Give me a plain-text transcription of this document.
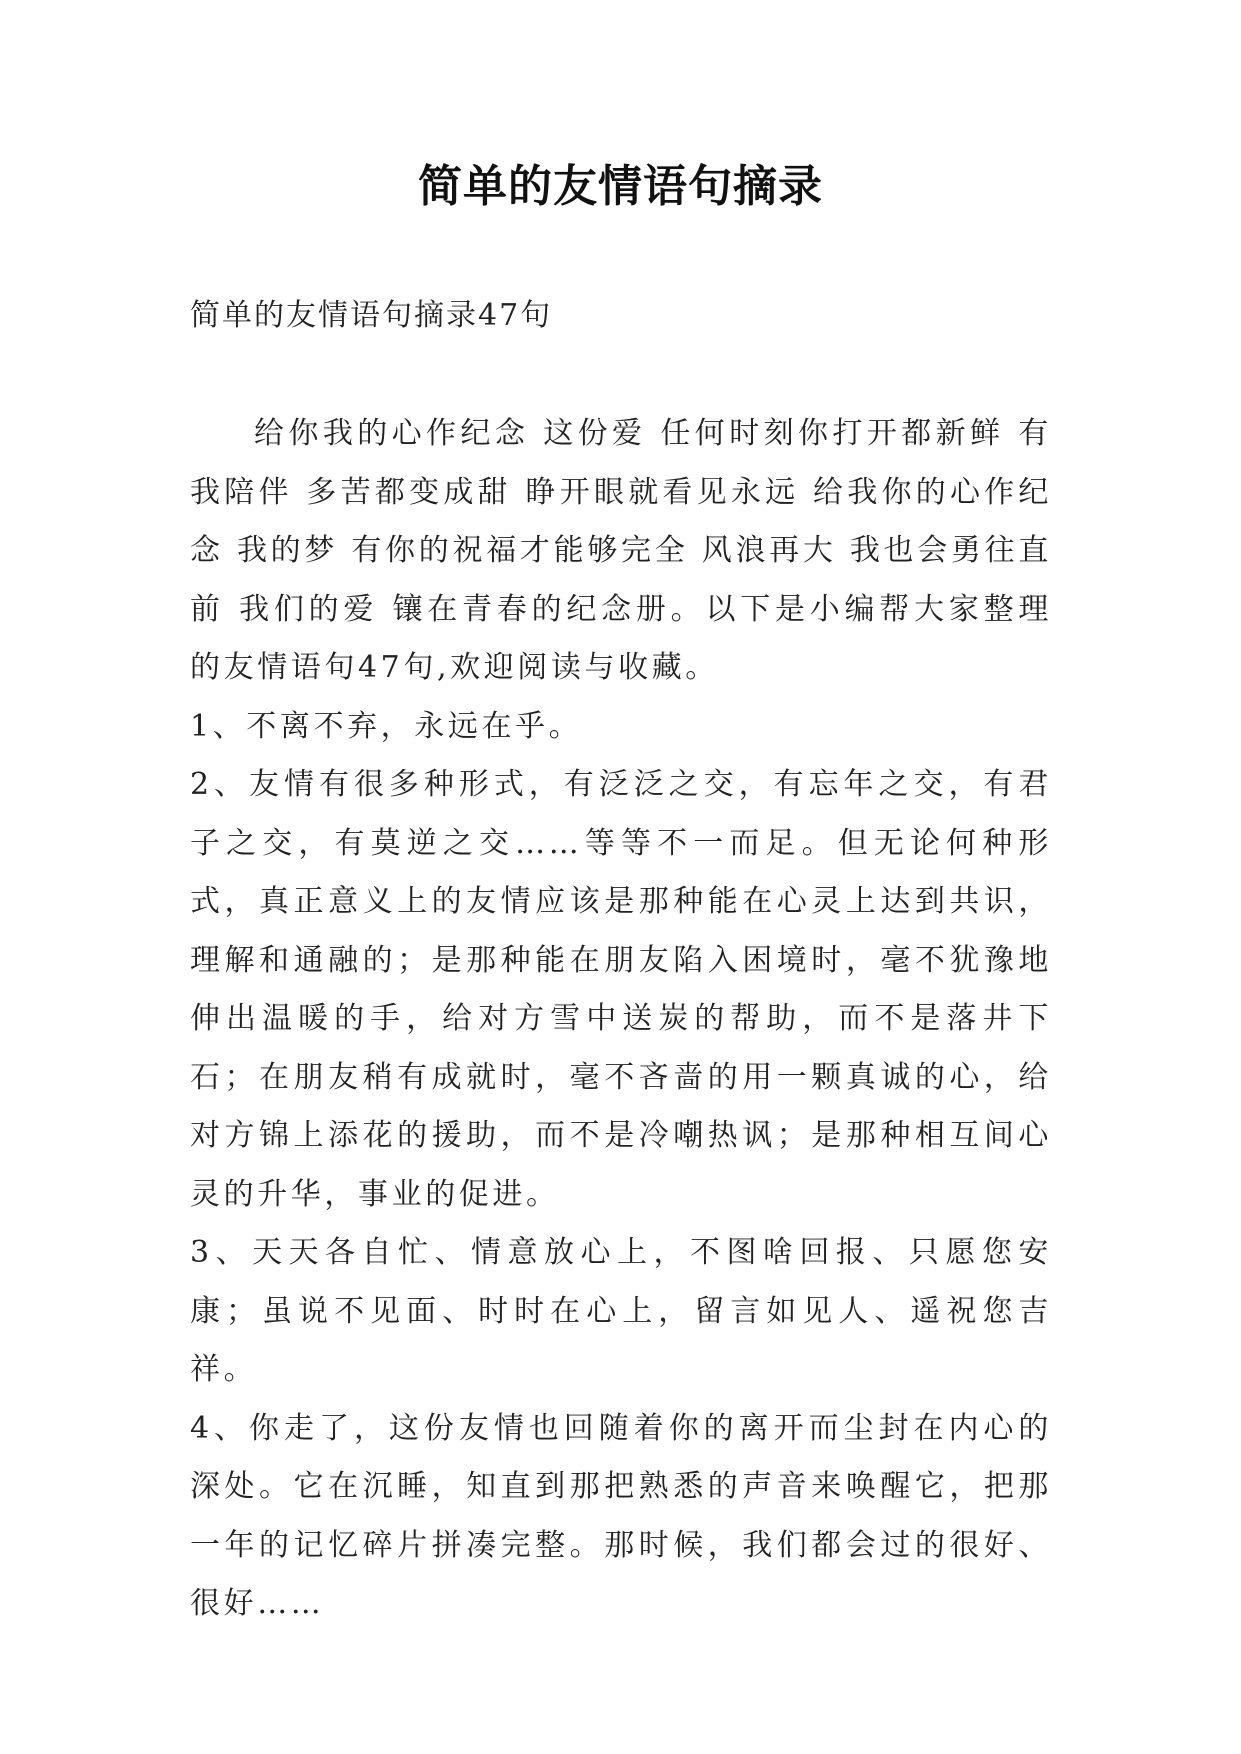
简单的友情语句摘录
简单的友情语句摘录47句

给你我的心作纪念 这份爱 任何时刻你打开都新鲜 有我陪伴 多苦都变成甜 睁开眼就看见永远 给我你的心作纪念 我的梦 有你的祝福才能够完全 风浪再大 我也会勇往直前 我们的爱 镶在青春的纪念册。以下是小编帮大家整理的友情语句47句,欢迎阅读与收藏。

1、不离不弃，永远在乎。

2、友情有很多种形式，有泛泛之交，有忘年之交，有君子之交，有莫逆之交……等等不一而足。但无论何种形式，真正意义上的友情应该是那种能在心灵上达到共识，理解和通融的；是那种能在朋友陷入困境时，毫不犹豫地伸出温暖的手，给对方雪中送炭的帮助，而不是落井下石；在朋友稍有成就时，毫不吝啬的用一颗真诚的心，给对方锦上添花的援助，而不是冷嘲热讽；是那种相互间心灵的升华，事业的促进。

3、天天各自忙、情意放心上，不图啥回报、只愿您安康；虽说不见面、时时在心上，留言如见人、遥祝您吉祥。

4、你走了，这份友情也回随着你的离开而尘封在内心的深处。它在沉睡，知直到那把熟悉的声音来唤醒它，把那一年的记忆碎片拼凑完整。那时候，我们都会过的很好、很好……
